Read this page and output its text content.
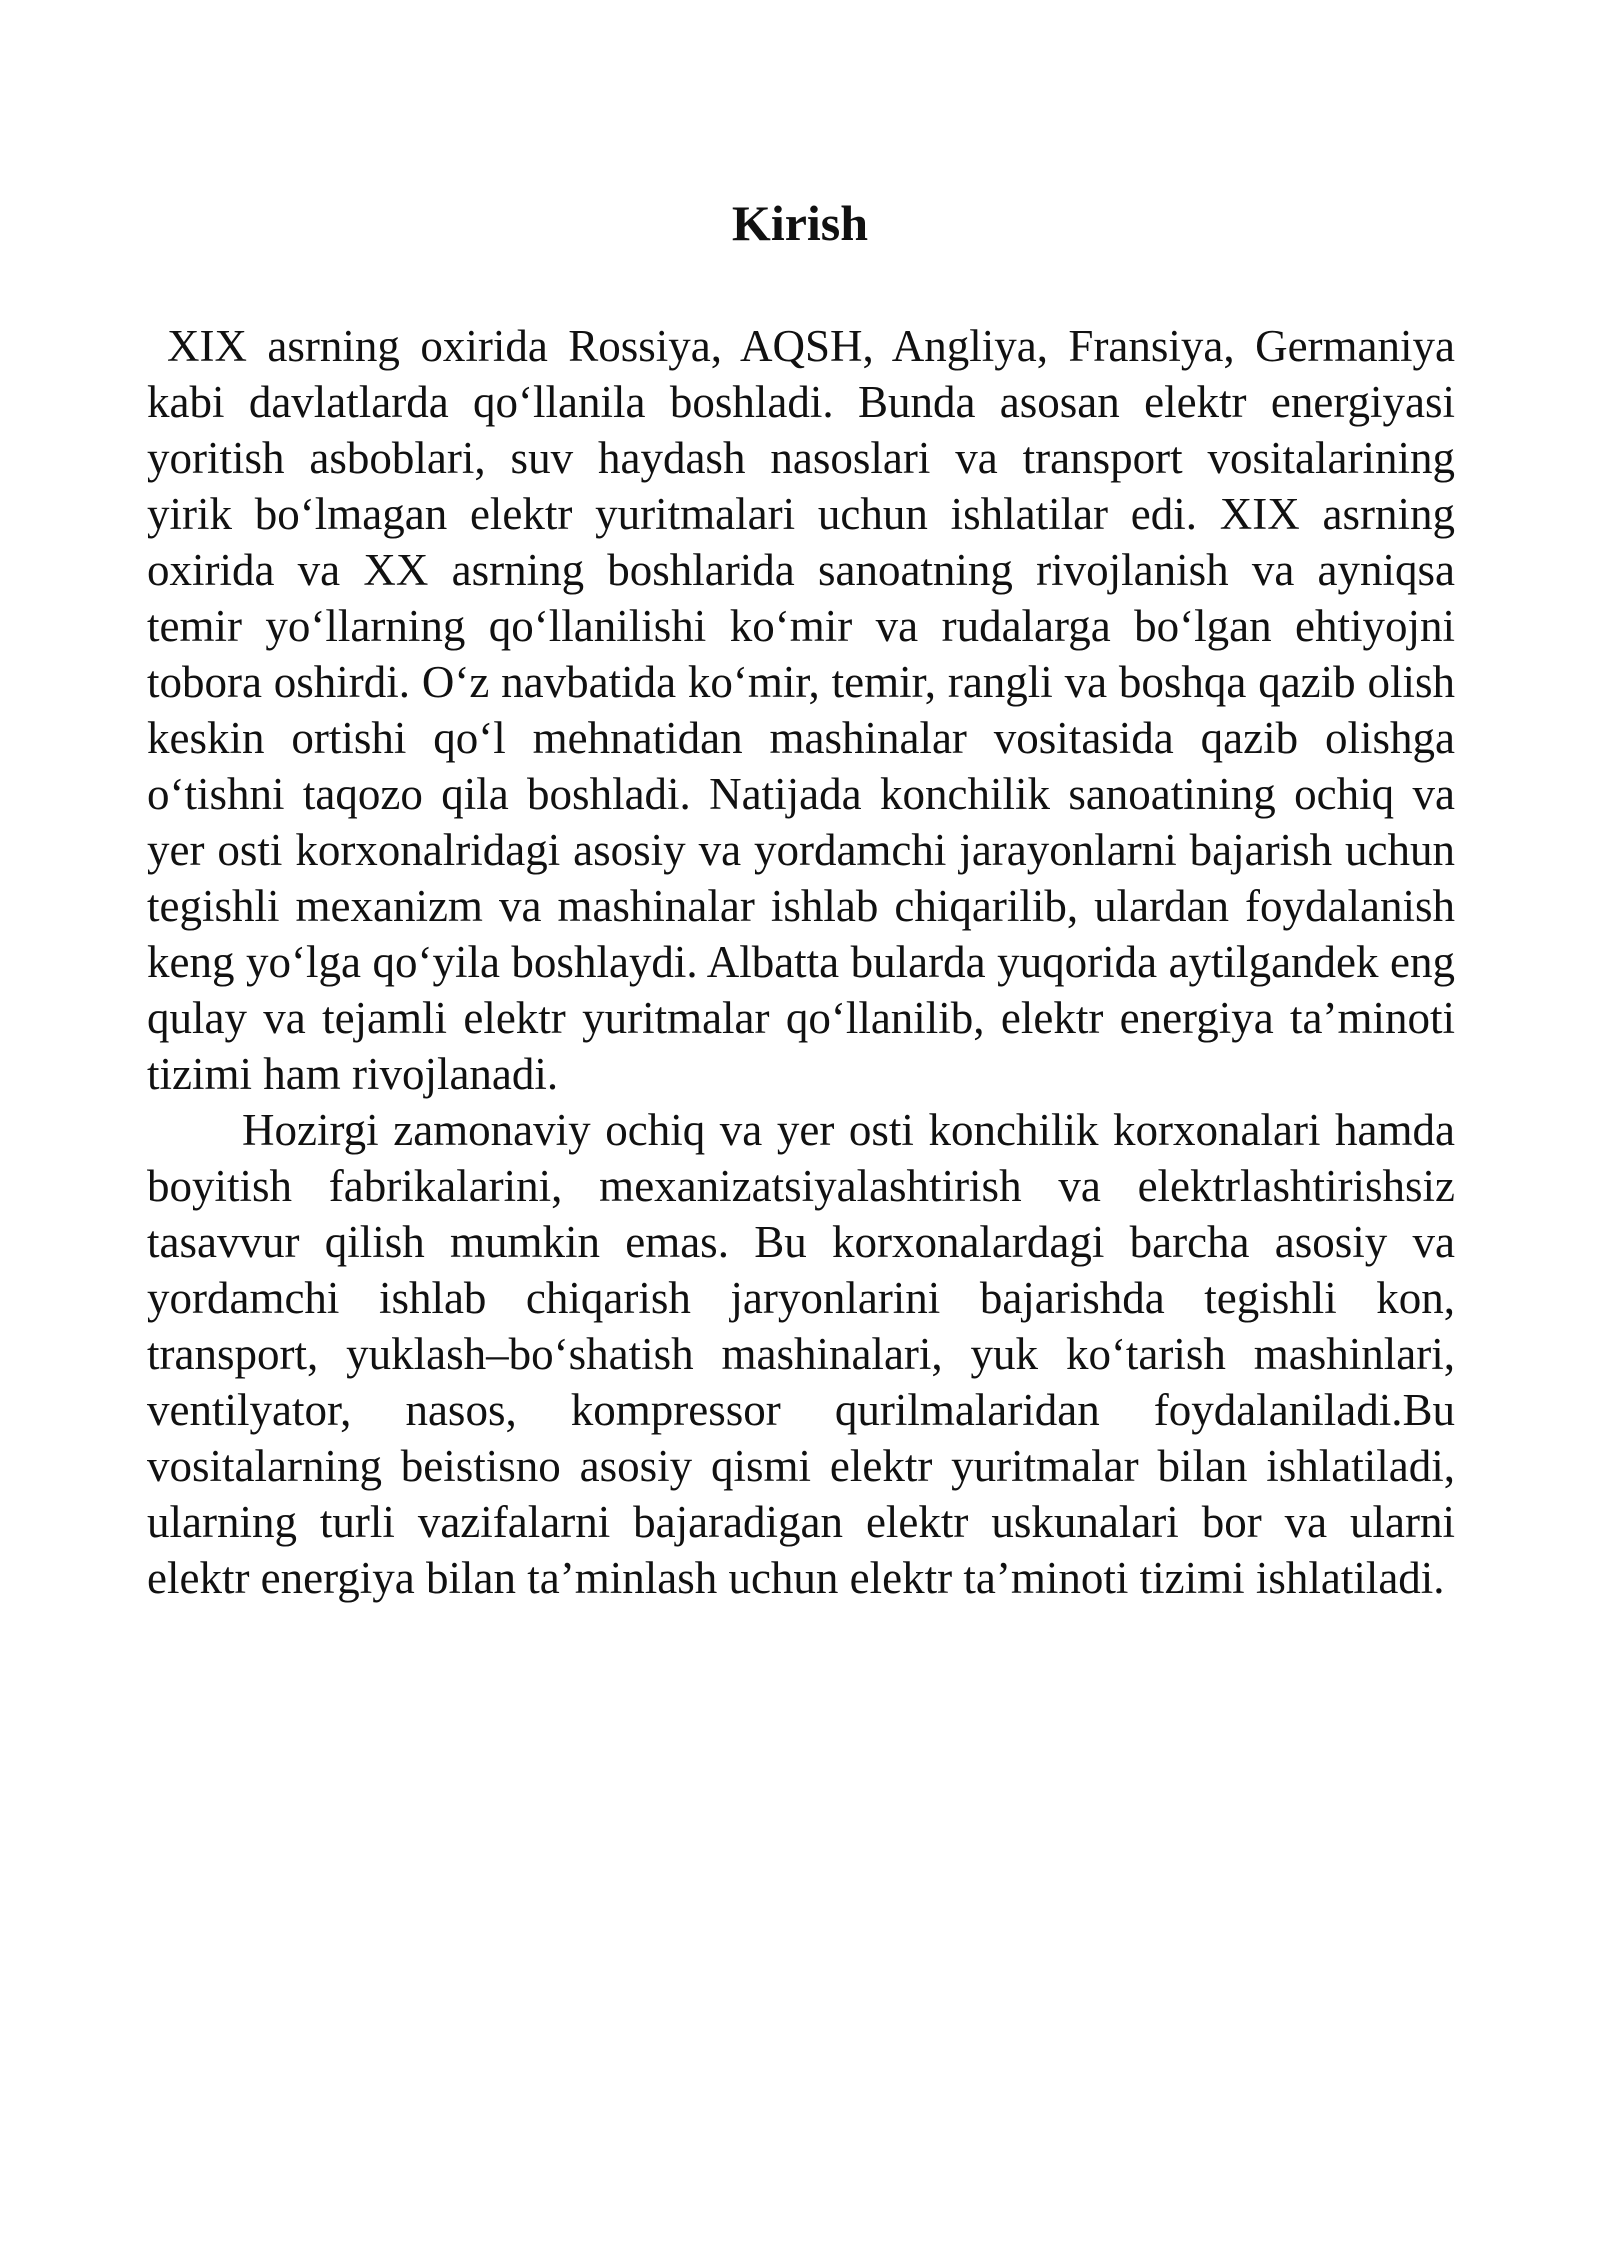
Kirish

XIX asrning oxirida Rossiya, AQSH, Angliya, Fransiya, Germaniya kabi davlatlarda qo‘llanila boshladi. Bunda asosan elektr energiyasi yoritish asboblari, suv haydash nasoslari va transport vositalarining yirik bo‘lmagan elektr yuritmalari uchun ishlatilar edi. XIX asrning oxirida va XX asrning boshlarida sanoatning rivojlanish va ayniqsa temir yo‘llarning qo‘llanilishi ko‘mir va rudalarga bo‘lgan ehtiyojni tobora oshirdi. O‘z navbatida ko‘mir, temir, rangli va boshqa qazib olish keskin ortishi qo‘l mehnatidan mashinalar vositasida qazib olishga o‘tishni taqozo qila boshladi. Natijada konchilik sanoatining ochiq va yer osti korxonalridagi asosiy va yordamchi jarayonlarni bajarish uchun tegishli mexanizm va mashinalar ishlab chiqarilib, ulardan foydalanish keng yo‘lga qo‘yila boshlaydi. Albatta bularda yuqorida aytilgandek eng qulay va tejamli elektr yuritmalar qo‘llanilib, elektr energiya ta’minoti tizimi ham rivojlanadi.

Hozirgi zamonaviy ochiq va yer osti konchilik korxonalari hamda boyitish fabrikalarini, mexanizatsiyalashtirish va elektrlashtirishsiz tasavvur qilish mumkin emas. Bu korxonalardagi barcha asosiy va yordamchi ishlab chiqarish jaryonlarini bajarishda tegishli kon, transport, yuklash–bo‘shatish mashinalari, yuk ko‘tarish mashinlari, ventilyator, nasos, kompressor qurilmalaridan foydalaniladi.Bu vositalarning beistisno asosiy qismi elektr yuritmalar bilan ishlatiladi, ularning turli vazifalarni bajaradigan elektr uskunalari bor va ularni elektr energiya bilan ta’minlash uchun elektr ta’minoti tizimi ishlatiladi.
